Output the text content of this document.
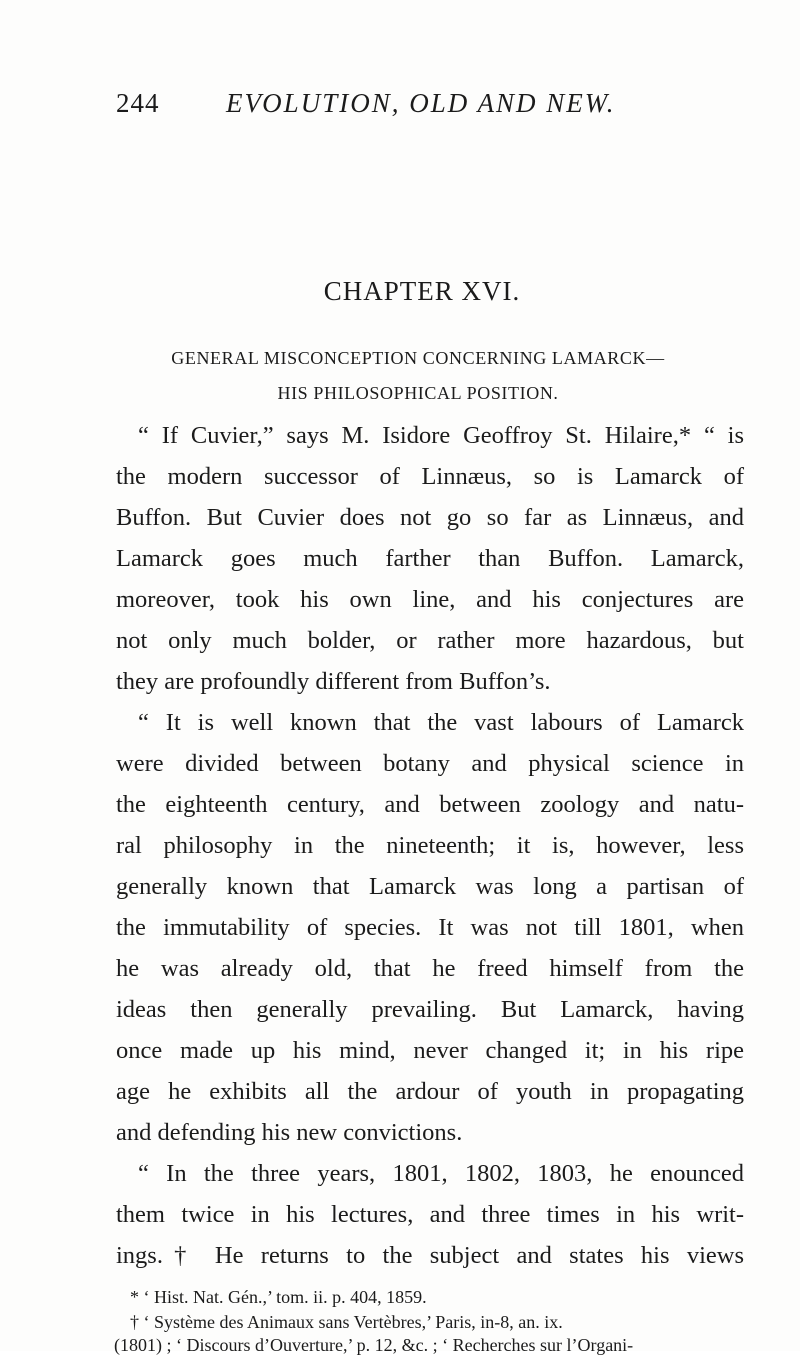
244 EVOLUTION, OLD AND NEW.
CHAPTER XVI.
GENERAL MISCONCEPTION CONCERNING LAMARCK—
HIS PHILOSOPHICAL POSITION.
“ If Cuvier,” says M. Isidore Geoffroy St. Hilaire,* “ is
the modern successor of Linnæus, so is Lamarck of
Buffon. But Cuvier does not go so far as Linnæus, and
Lamarck goes much farther than Buffon. Lamarck,
moreover, took his own line, and his conjectures are
not only much bolder, or rather more hazardous, but
they are profoundly different from Buffon’s.
“ It is well known that the vast labours of Lamarck
were divided between botany and physical science in
the eighteenth century, and between zoology and natu-
ral philosophy in the nineteenth; it is, however, less
generally known that Lamarck was long a partisan of
the immutability of species. It was not till 1801, when
he was already old, that he freed himself from the
ideas then generally prevailing. But Lamarck, having
once made up his mind, never changed it; in his ripe
age he exhibits all the ardour of youth in propagating
and defending his new convictions.
“ In the three years, 1801, 1802, 1803, he enounced
them twice in his lectures, and three times in his writ-
ings.† He returns to the subject and states his views
* ‘ Hist. Nat. Gén.,’ tom. ii. p. 404, 1859.
† ‘ Système des Animaux sans Vertèbres,’ Paris, in-8, an. ix.
(1801) ; ‘ Discours d’Ouverture,’ p. 12, &c. ; ‘ Recherches sur l’Organi-
